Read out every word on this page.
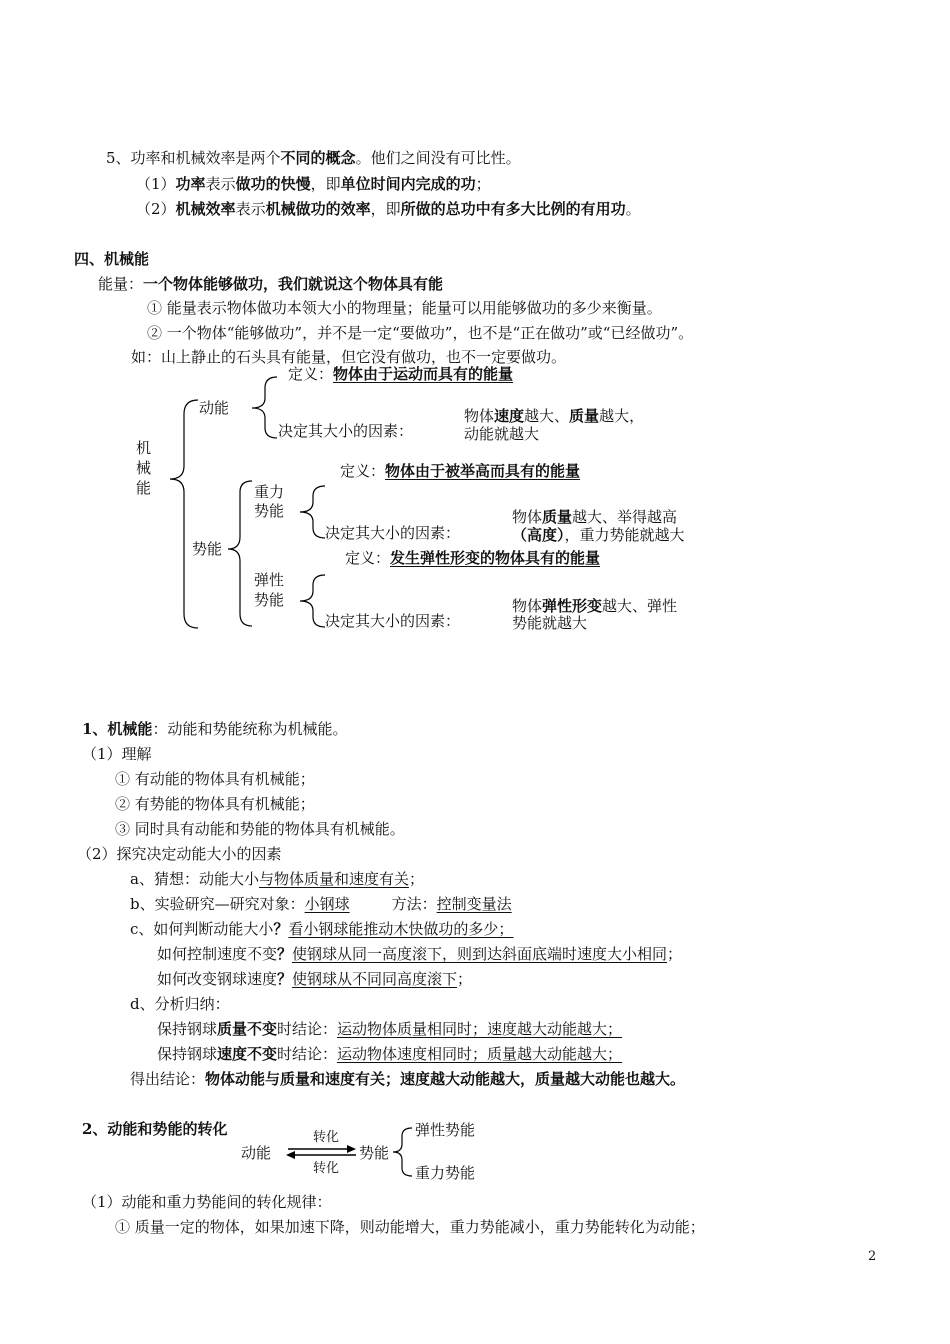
5、功率和机械效率是两个不同的概念。他们之间没有可比性。
（1）功率表示做功的快慢，即单位时间内完成的功；
（2）机械效率表示机械做功的效率，即所做的总功中有多大比例的有用功。
四、机械能
能量：一个物体能够做功，我们就说这个物体具有能
① 能量表示物体做功本领大小的物理量；能量可以用能够做功的多少来衡量。
② 一个物体“能够做功”，并不是一定“要做功”，也不是“正在做功”或“已经做功”。
如：山上静止的石头具有能量，但它没有做功，也不一定要做功。
机
械
能
动能
定义：物体由于运动而具有的能量
决定其大小的因素：
物体速度越大、质量越大，
动能就越大
势能
重力
势能
定义：物体由于被举高而具有的能量
决定其大小的因素：
物体质量越大、举得越高
（高度），重力势能就越大
弹性
势能
定义：发生弹性形变的物体具有的能量
决定其大小的因素：
物体弹性形变越大、弹性
势能就越大
1、机械能：动能和势能统称为机械能。
（1）理解
① 有动能的物体具有机械能；
② 有势能的物体具有机械能；
③ 同时具有动能和势能的物体具有机械能。
（2）探究决定动能大小的因素
a、猜想：动能大小与物体质量和速度有关；
b、实验研究—研究对象：小钢球	方法：控制变量法
c、如何判断动能大小？看小钢球能推动木快做功的多少；
如何控制速度不变？使钢球从同一高度滚下，则到达斜面底端时速度大小相同；
如何改变钢球速度？使钢球从不同同高度滚下；
d、分析归纳：
保持钢球质量不变时结论：运动物体质量相同时；速度越大动能越大；
保持钢球速度不变时结论：运动物体速度相同时；质量越大动能越大；
得出结论：物体动能与质量和速度有关；速度越大动能越大，质量越大动能也越大。
2、动能和势能的转化
动能
转化
转化
势能
弹性势能
重力势能
（1）动能和重力势能间的转化规律：
① 质量一定的物体，如果加速下降，则动能增大，重力势能减小，重力势能转化为动能；
2
